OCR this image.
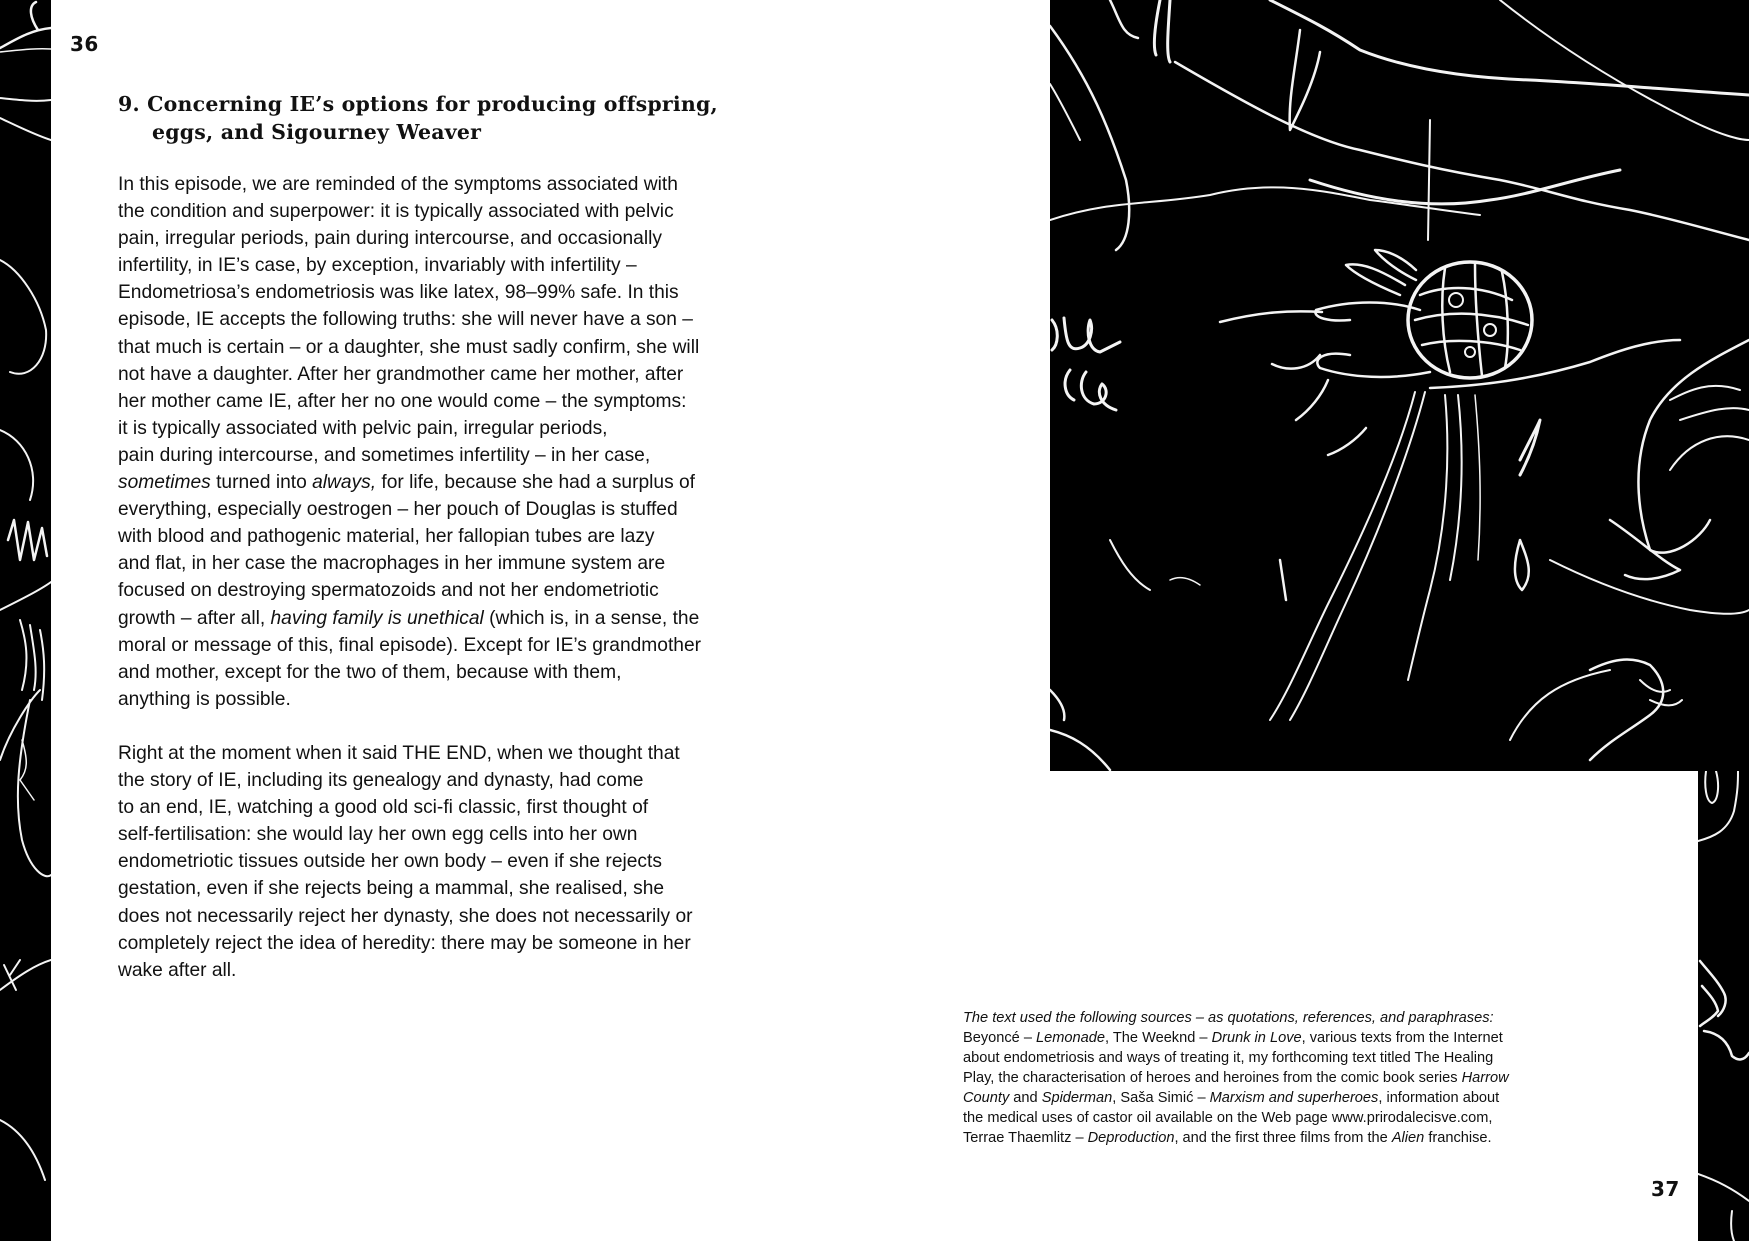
36
37
9. Concerning IE’s options for producing offspring,
eggs, and Sigourney Weaver

In this episode, we are reminded of the symptoms associated with
the condition and superpower: it is typically associated with pelvic
pain, irregular periods, pain during intercourse, and occasionally
infertility, in IE’s case, by exception, invariably with infertility –
Endometriosa’s endometriosis was like latex, 98–99% safe. In this
episode, IE accepts the following truths: she will never have a son –
that much is certain – or a daughter, she must sadly confirm, she will
not have a daughter. After her grandmother came her mother, after
her mother came IE, after her no one would come – the symptoms:
it is typically associated with pelvic pain, irregular periods,
pain during intercourse, and sometimes infertility – in her case,
sometimes turned into always, for life, because she had a surplus of
everything, especially oestrogen – her pouch of Douglas is stuffed
with blood and pathogenic material, her fallopian tubes are lazy
and flat, in her case the macrophages in her immune system are
focused on destroying spermatozoids and not her endometriotic
growth – after all, having family is unethical (which is, in a sense, the
moral or message of this, final episode). Except for IE’s grandmother
and mother, except for the two of them, because with them,
anything is possible.

Right at the moment when it said THE END, when we thought that
the story of IE, including its genealogy and dynasty, had come
to an end, IE, watching a good old sci-fi classic, first thought of
self-fertilisation: she would lay her own egg cells into her own
endometriotic tissues outside her own body – even if she rejects
gestation, even if she rejects being a mammal, she realised, she
does not necessarily reject her dynasty, she does not necessarily or
completely reject the idea of heredity: there may be someone in her
wake after all.

The text used the following sources – as quotations, references, and paraphrases:
Beyoncé – Lemonade, The Weeknd – Drunk in Love, various texts from the Internet
about endometriosis and ways of treating it, my forthcoming text titled The Healing
Play, the characterisation of heroes and heroines from the comic book series Harrow
County and Spiderman, Saša Simić – Marxism and superheroes, information about
the medical uses of castor oil available on the Web page www.prirodalecisve.com,
Terrae Thaemlitz – Deproduction, and the first three films from the Alien franchise.
